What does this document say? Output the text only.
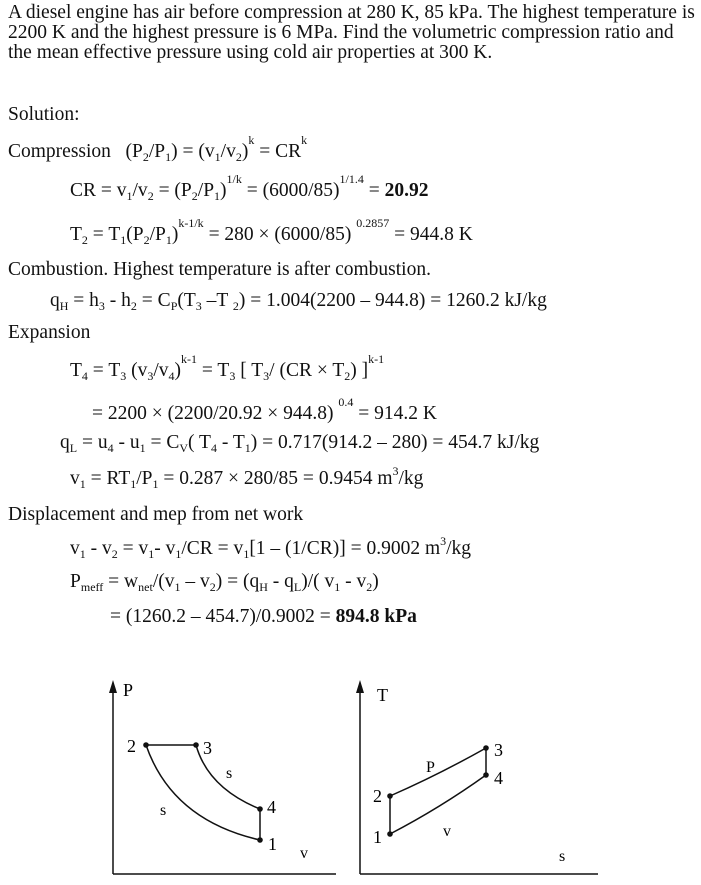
A diesel engine has air before compression at 280 K, 85 kPa. The highest temperature is 2200 K and the highest pressure is 6 MPa. Find the volumetric compression ratio and the mean effective pressure using cold air properties at 300 K.
Solution:
Compression   $(P_2/P_1) = (v_1/v_2)^k = CR^k$
CR = $v_1/v_2 = (P_2/P_1)^{1/k} = (6000/85)^{1/1.4} = 20.92$
$T_2 = T_1(P_2/P_1)^{k-1/k} = 280 \times (6000/85) ^{0.2857} = 944.8$ K
Combustion. Highest temperature is after combustion.
$q_H = h_3 - h_2 = C_P(T_3$ –T $_2$) = 1.004(2200 – 944.8) = 1260.2 kJ/kg
Expansion
$T_4 = T_3$ $(v_3/v_4)^{k-1} = T_3$ [ $T_3/$ $(CR \times T_2)$ ]$^{k-1}$
= 2200 × (2200/20.92 × 944.8) $^{0.4}$ = 914.2 K
$q_L = u_4 - u_1 = C_V$( $T_4 - T_1) = 0.717(914.2 - 280) = 454.7$ kJ/kg
$v_1 = RT_1/P_1 = 0.287 \times 280/85 = 0.9454$ $m^3/kg$
Displacement and mep from net work
$v_1 - v_2 = v_1-$ $v_1/CR = v_1[1 - (1/CR)] = 0.9002$ $m^3/kg$
$P_{meff} = w_{net}/(v_1 - v_2) = (q_H - q_L)/$( $v_1 - v_2$)
= (1260.2 – 454.7)/0.9002 = 894.8 kPa
P
v
2	3
4
1
s
s
T
s
1
2
3
4
P
v
